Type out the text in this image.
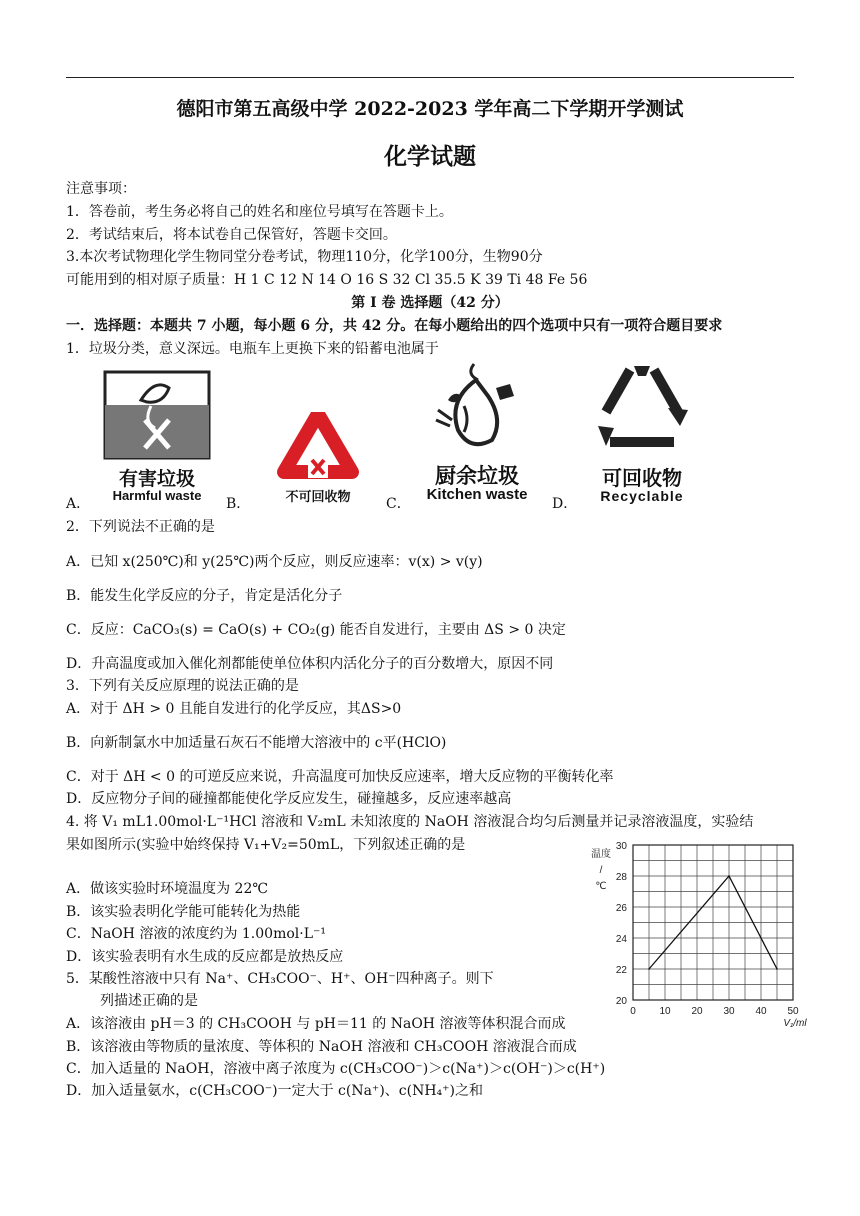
德阳市第五高级中学 2022-2023 学年高二下学期开学测试
化学试题
注意事项：
1．答卷前，考生务必将自己的姓名和座位号填写在答题卡上。
2．考试结束后，将本试卷自己保管好，答题卡交回。
3.本次考试物理化学生物同堂分卷考试，物理110分，化学100分，生物90分
可能用到的相对原子质量：H 1 C 12 N 14 O 16 S 32 Cl 35.5 K 39 Ti 48 Fe 56
第 I 卷 选择题（42 分）
一．选择题：本题共 7 小题，每小题 6 分，共 42 分。在每小题给出的四个选项中只有一项符合题目要求
1．垃圾分类，意义深远。电瓶车上更换下来的铅蓄电池属于
有害垃圾
Harmful waste	不可回收物
厨余垃圾
Kitchen waste
可回收物
Recyclable
A．	B．	C．	D．
2．下列说法不正确的是
A．已知 x(250℃)和 y(25℃)两个反应，则反应速率：v(x) > v(y)
B．能发生化学反应的分子，肯定是活化分子
C．反应：CaCO₃(s) = CaO(s) + CO₂(g) 能否自发进行，主要由 ΔS > 0 决定
D．升高温度或加入催化剂都能使单位体积内活化分子的百分数增大，原因不同
3．下列有关反应原理的说法正确的是
A．对于 ΔH > 0 且能自发进行的化学反应，其ΔS>0
B．向新制氯水中加适量石灰石不能增大溶液中的 c平(HClO)
C．对于 ΔH < 0 的可逆反应来说，升高温度可加快反应速率，增大反应物的平衡转化率
D．反应物分子间的碰撞都能使化学反应发生，碰撞越多，反应速率越高
4. 将 V₁ mL1.00mol·L⁻¹HCl 溶液和 V₂mL 未知浓度的 NaOH 溶液混合均匀后测量并记录溶液温度，实验结
果如图所示(实验中始终保持 V₁+V₂=50mL，下列叙述正确的是
A．做该实验时环境温度为 22℃
B．该实验表明化学能可能转化为热能
C．NaOH 溶液的浓度约为 1.00mol·L⁻¹
D．该实验表明有水生成的反应都是放热反应
0 10 20 30 40 50
20
22
24
26
28
30
温度
/
℃
V₁/ml
5．某酸性溶液中只有 Na⁺、CH₃COO⁻、H⁺、OH⁻四种离子。则下
列描述正确的是
A．该溶液由 pH＝3 的 CH₃COOH 与 pH＝11 的 NaOH 溶液等体积混合而成
B．该溶液由等物质的量浓度、等体积的 NaOH 溶液和 CH₃COOH 溶液混合而成
C．加入适量的 NaOH，溶液中离子浓度为 c(CH₃COO⁻)＞c(Na⁺)＞c(OH⁻)＞c(H⁺)
D．加入适量氨水，c(CH₃COO⁻)一定大于 c(Na⁺)、c(NH₄⁺)之和
